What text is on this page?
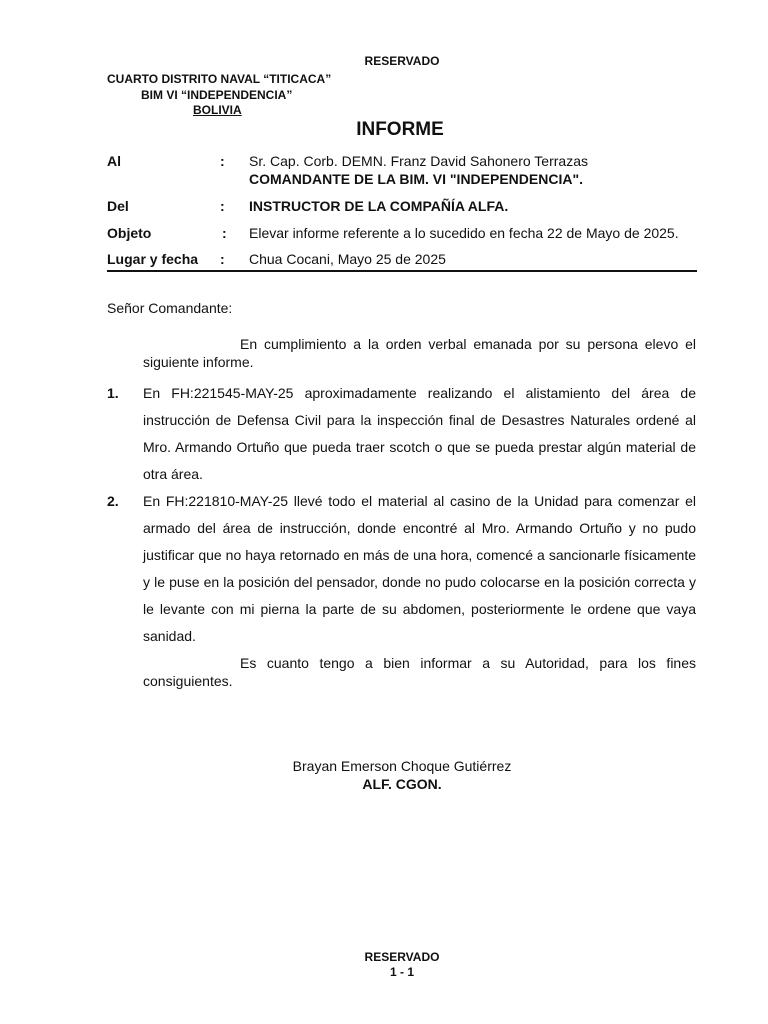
RESERVADO
CUARTO DISTRITO NAVAL “TITICACA”
BIM VI “INDEPENDENCIA”
BOLIVIA
INFORME
Al	: Sr. Cap. Corb. DEMN. Franz David Sahonero Terrazas
COMANDANTE DE LA BIM. VI "INDEPENDENCIA".
Del	: INSTRUCTOR DE LA COMPAÑÍA ALFA.
Objeto	: Elevar informe referente a lo sucedido en fecha 22 de Mayo de 2025.
Lugar y fecha : Chua Cocani, Mayo 25 de 2025
Señor Comandante:
En cumplimiento a la orden verbal emanada por su persona elevo el siguiente informe.
1. En FH:221545-MAY-25 aproximadamente realizando el alistamiento del área de instrucción de Defensa Civil para la inspección final de Desastres Naturales ordené al Mro. Armando Ortuño que pueda traer scotch o que se pueda prestar algún material de otra área.
2. En FH:221810-MAY-25 llevé todo el material al casino de la Unidad para comenzar el armado del área de instrucción, donde encontré al Mro. Armando Ortuño y no pudo justificar que no haya retornado en más de una hora, comencé a sancionarle físicamente y le puse en la posición del pensador, donde no pudo colocarse en la posición correcta y le levante con mi pierna la parte de su abdomen, posteriormente le ordene que vaya sanidad.
Es cuanto tengo a bien informar a su Autoridad, para los fines consiguientes.
Brayan Emerson Choque Gutiérrez
ALF. CGON.
RESERVADO
1 - 1
